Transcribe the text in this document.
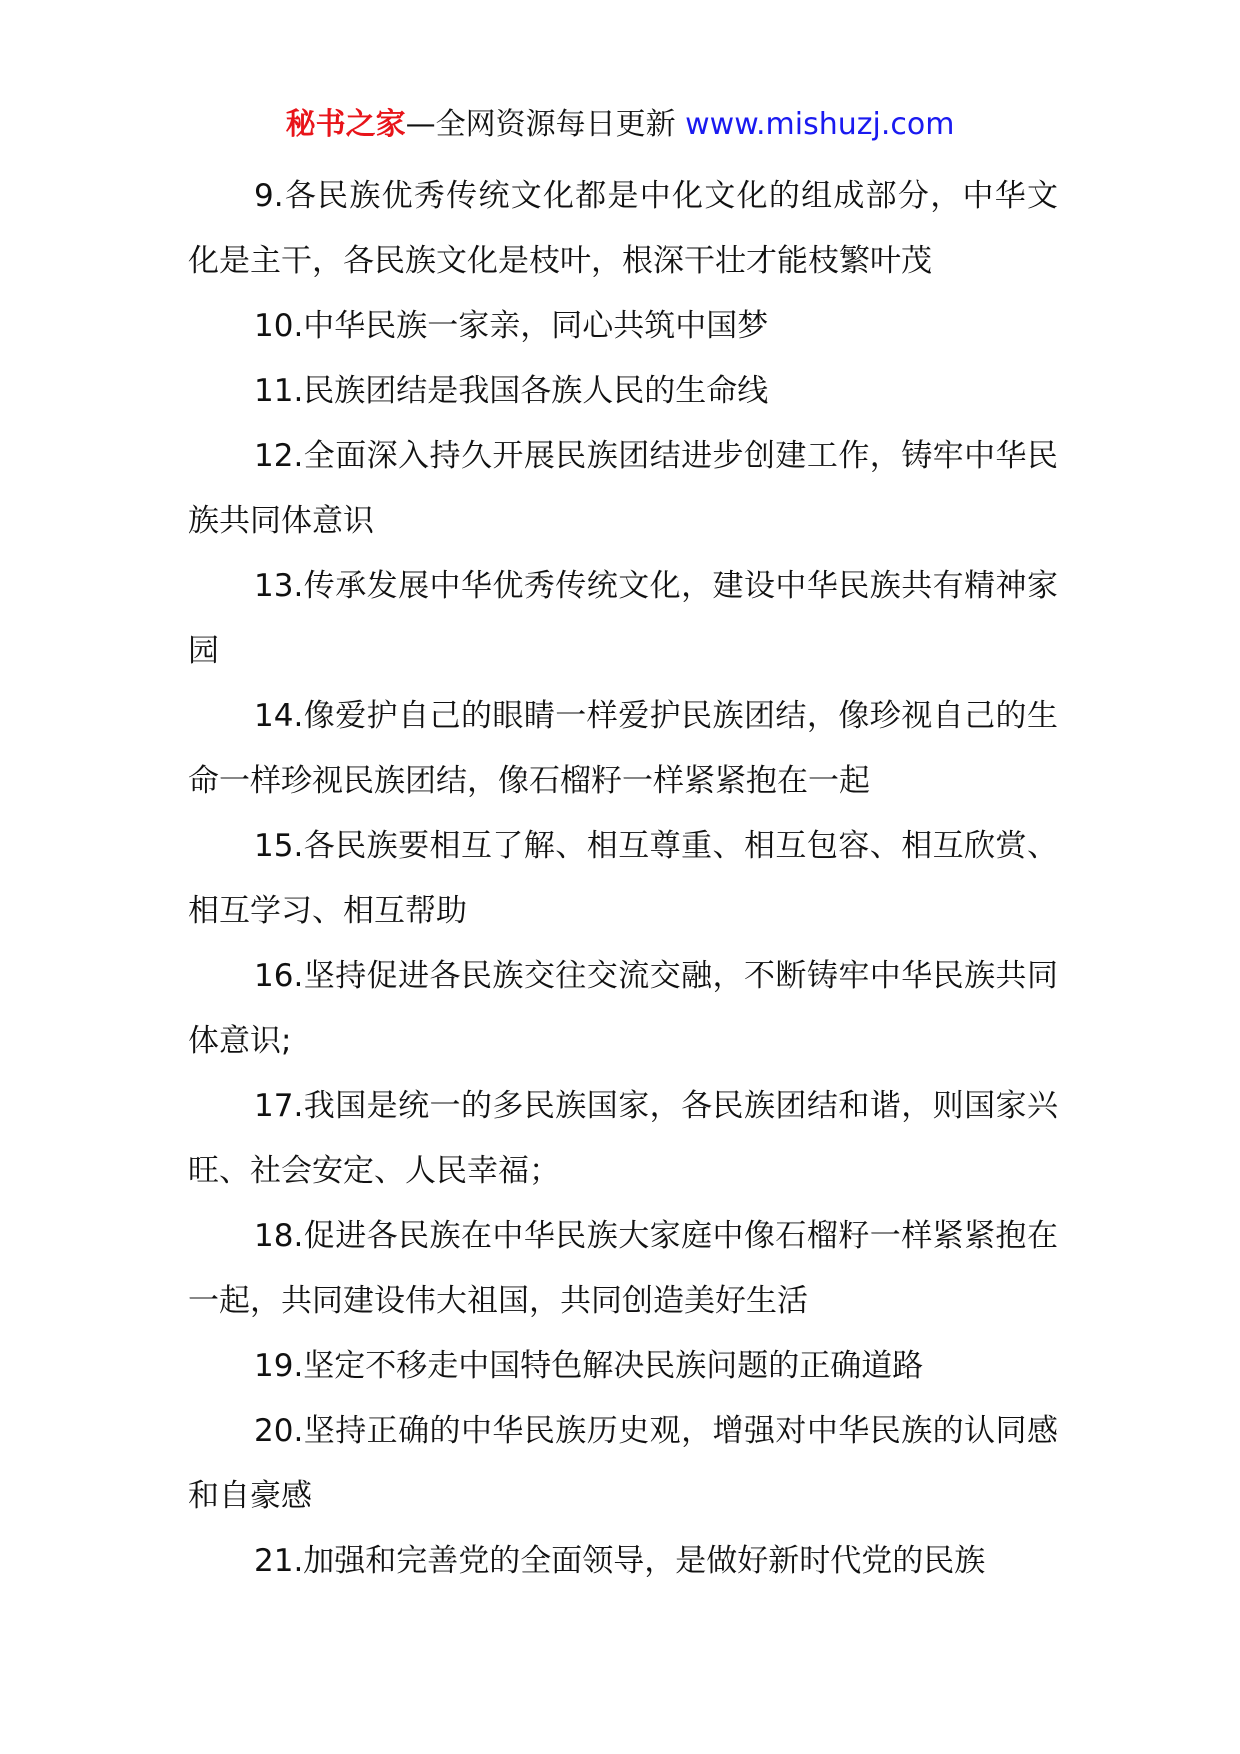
秘书之家—全网资源每日更新 www.mishuzj.com

9.各民族优秀传统文化都是中化文化的组成部分，中华文化是主干，各民族文化是枝叶，根深干壮才能枝繁叶茂

10.中华民族一家亲，同心共筑中国梦

11.民族团结是我国各族人民的生命线

12.全面深入持久开展民族团结进步创建工作，铸牢中华民族共同体意识

13.传承发展中华优秀传统文化，建设中华民族共有精神家园

14.像爱护自己的眼睛一样爱护民族团结，像珍视自己的生命一样珍视民族团结，像石榴籽一样紧紧抱在一起

15.各民族要相互了解、相互尊重、相互包容、相互欣赏、相互学习、相互帮助

16.坚持促进各民族交往交流交融，不断铸牢中华民族共同体意识;

17.我国是统一的多民族国家，各民族团结和谐，则国家兴旺、社会安定、人民幸福；

18.促进各民族在中华民族大家庭中像石榴籽一样紧紧抱在一起，共同建设伟大祖国，共同创造美好生活

19.坚定不移走中国特色解决民族问题的正确道路

20.坚持正确的中华民族历史观，增强对中华民族的认同感和自豪感

21.加强和完善党的全面领导，是做好新时代党的民族
